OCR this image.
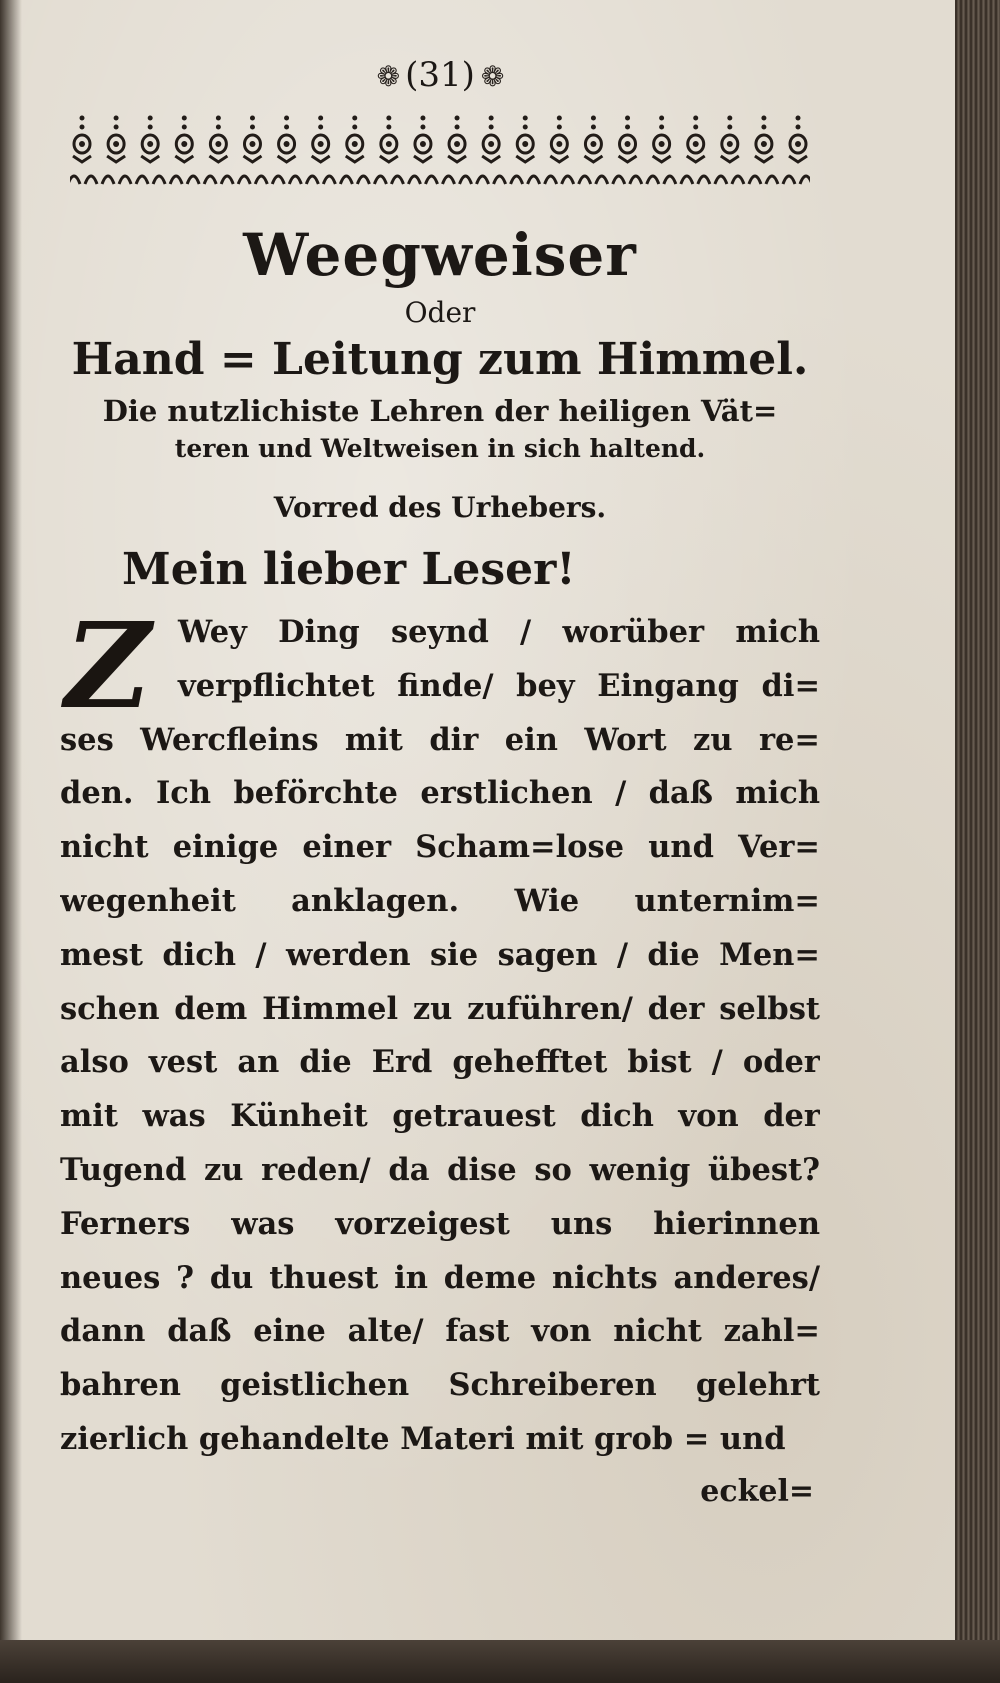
❁ (31) ❁
Weegweiser
Oder
Hand = Leitung zum Himmel.
Die nutzlichiste Lehren der heiligen Vät=
teren und Weltweisen in sich haltend.
Vorred des Urhebers.
Mein lieber Leser!
Z Wey Ding seynd / worüber mich
verpflichtet finde/ bey Eingang di=
ses Wercfleins mit dir ein Wort zu re=
den. Ich beförchte erstlichen / daß mich
nicht einige einer Scham=lose und Ver=
wegenheit anklagen. Wie unternim=
mest dich / werden sie sagen / die Men=
schen dem Himmel zu zuführen/ der selbst
also vest an die Erd gehefftet bist / oder
mit was Künheit getrauest dich von der
Tugend zu reden/ da dise so wenig übest?
Ferners was vorzeigest uns hierinnen
neues ? du thuest in deme nichts anderes/
dann daß eine alte/ fast von nicht zahl=
bahren geistlichen Schreiberen gelehrt
zierlich gehandelte Materi mit grob = und
eckel=
